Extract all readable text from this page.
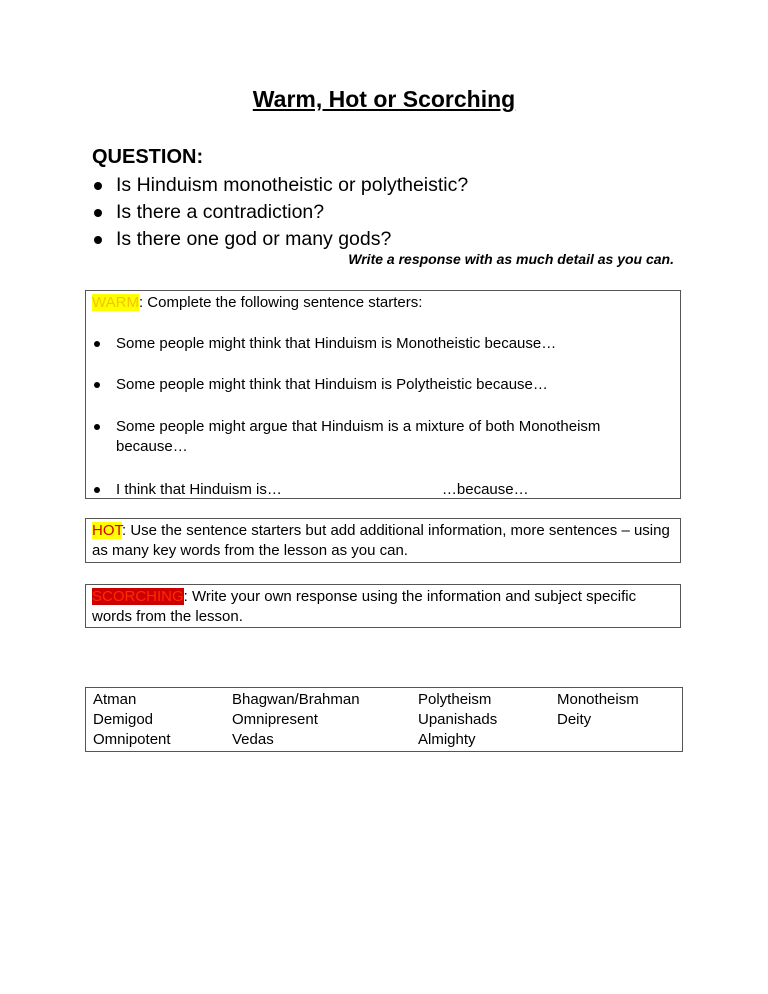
Warm, Hot or Scorching

QUESTION:

Is Hinduism monotheistic or polytheistic?
Is there a contradiction?
Is there one god or many gods?

Write a response with as much detail as you can.

WARM: Complete the following sentence starters:
Some people might think that Hinduism is Monotheistic because…
Some people might think that Hinduism is Polytheistic because…
Some people might argue that Hinduism is a mixture of both Monotheism because…
I think that Hinduism is…	…because…
HOT: Use the sentence starters but add additional information, more sentences – using as many key words from the lesson as you can.
SCORCHING: Write your own response using the information and subject specific words from the lesson.
Atman
Demigod
Omnipotent
Bhagwan/Brahman
Omnipresent
Vedas
Polytheism
Upanishads
Almighty
Monotheism
Deity
